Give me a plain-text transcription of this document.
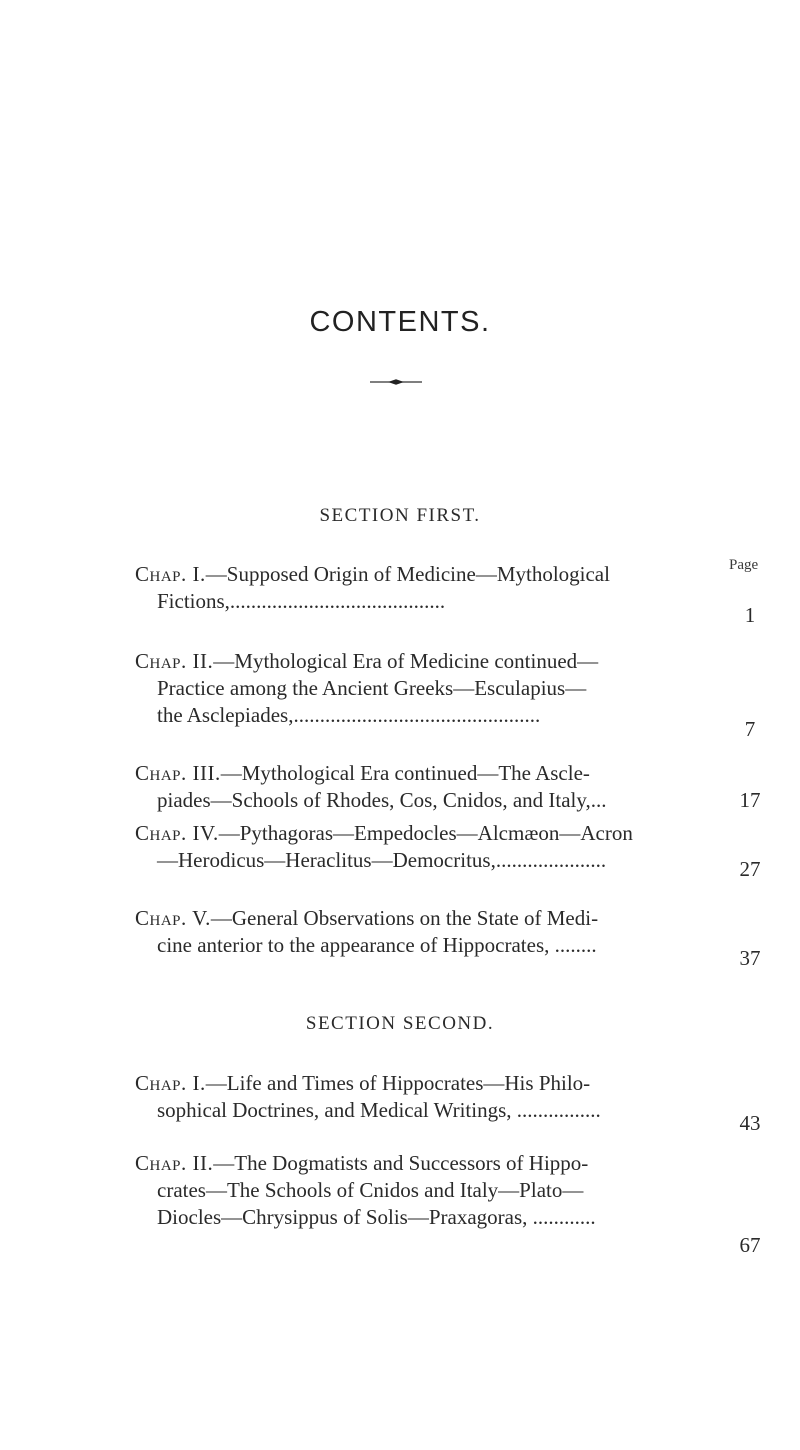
CONTENTS.
SECTION FIRST.
Page
Chap. I.—Supposed Origin of Medicine—Mythological
Fictions,.........................................
1
Chap. II.—Mythological Era of Medicine continued—
Practice among the Ancient Greeks—Esculapius—
the Asclepiades,...............................................
7
Chap. III.—Mythological Era continued—The Ascle-
piades—Schools of Rhodes, Cos, Cnidos, and Italy,...	17
Chap. IV.—Pythagoras—Empedocles—Alcmæon—Acron
—Herodicus—Heraclitus—Democritus,.....................	27
Chap. V.—General Observations on the State of Medi-
cine anterior to the appearance of Hippocrates, ........
37
SECTION SECOND.
Chap. I.—Life and Times of Hippocrates—His Philo-
sophical Doctrines, and Medical Writings, ................
43
Chap. II.—The Dogmatists and Successors of Hippo-
crates—The Schools of Cnidos and Italy—Plato—
Diocles—Chrysippus of Solis—Praxagoras, ............
67
